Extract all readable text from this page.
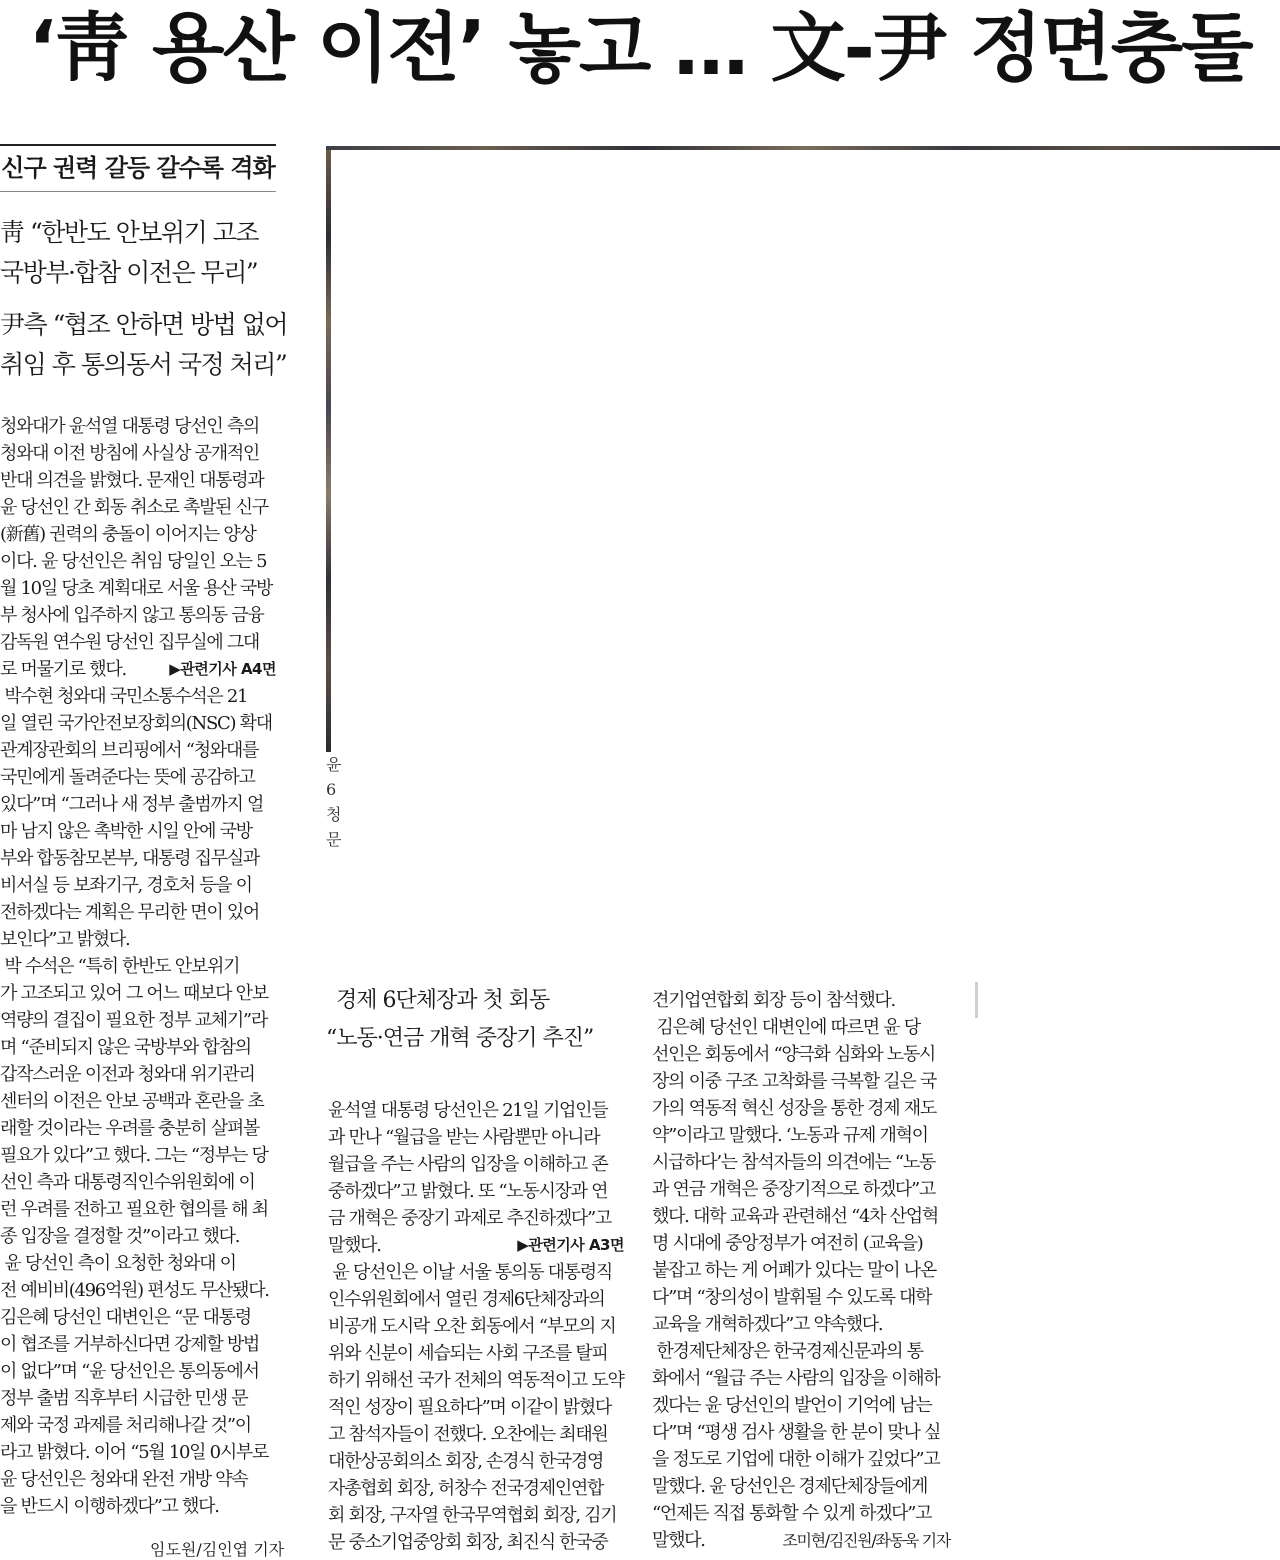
‘靑 용산 이전’ 놓고 … 文-尹 정면충돌
신구 권력 갈등 갈수록 격화
靑 “한반도 안보위기 고조
국방부·합참 이전은 무리”
尹측 “협조 안하면 방법 없어
취임 후 통의동서 국정 처리”

청와대가 윤석열 대통령 당선인 측의

청와대 이전 방침에 사실상 공개적인

반대 의견을 밝혔다. 문재인 대통령과

윤 당선인 간 회동 취소로 촉발된 신구

(新舊) 권력의 충돌이 이어지는 양상

이다. 윤 당선인은 취임 당일인 오는 5

월 10일 당초 계획대로 서울 용산 국방

부 청사에 입주하지 않고 통의동 금융

감독원 연수원 당선인 집무실에 그대

로 머물기로 했다.	▶관련기사 A4면

박수현 청와대 국민소통수석은 21

일 열린 국가안전보장회의(NSC) 확대

관계장관회의 브리핑에서 “청와대를

국민에게 돌려준다는 뜻에 공감하고

있다”며 “그러나 새 정부 출범까지 얼

마 남지 않은 촉박한 시일 안에 국방

부와 합동참모본부, 대통령 집무실과

비서실 등 보좌기구, 경호처 등을 이

전하겠다는 계획은 무리한 면이 있어

보인다”고 밝혔다.

박 수석은 “특히 한반도 안보위기

가 고조되고 있어 그 어느 때보다 안보

역량의 결집이 필요한 정부 교체기”라

며 “준비되지 않은 국방부와 합참의

갑작스러운 이전과 청와대 위기관리

센터의 이전은 안보 공백과 혼란을 초

래할 것이라는 우려를 충분히 살펴볼

필요가 있다”고 했다. 그는 “정부는 당

선인 측과 대통령직인수위원회에 이

런 우려를 전하고 필요한 협의를 해 최

종 입장을 결정할 것”이라고 했다.

윤 당선인 측이 요청한 청와대 이

전 예비비(496억원) 편성도 무산됐다.

김은혜 당선인 대변인은 “문 대통령

이 협조를 거부하신다면 강제할 방법

이 없다”며 “윤 당선인은 통의동에서

정부 출범 직후부터 시급한 민생 문

제와 국정 과제를 처리해나갈 것”이

라고 밝혔다. 이어 “5월 10일 0시부로

윤 당선인은 청와대 완전 개방 약속

을 반드시 이행하겠다”고 했다.

임도원/김인엽 기자
윤
6
청
문
경제 6단체장과 첫 회동
“노동·연금 개혁 중장기 추진”

윤석열 대통령 당선인은 21일 기업인들

과 만나 “월급을 받는 사람뿐만 아니라

월급을 주는 사람의 입장을 이해하고 존

중하겠다”고 밝혔다. 또 “노동시장과 연

금 개혁은 중장기 과제로 추진하겠다”고

말했다.	▶관련기사 A3면

윤 당선인은 이날 서울 통의동 대통령직

인수위원회에서 열린 경제6단체장과의

비공개 도시락 오찬 회동에서 “부모의 지

위와 신분이 세습되는 사회 구조를 탈피

하기 위해선 국가 전체의 역동적이고 도약

적인 성장이 필요하다”며 이같이 밝혔다

고 참석자들이 전했다. 오찬에는 최태원

대한상공회의소 회장, 손경식 한국경영

자총협회 회장, 허창수 전국경제인연합

회 회장, 구자열 한국무역협회 회장, 김기

문 중소기업중앙회 회장, 최진식 한국중

견기업연합회 회장 등이 참석했다.

김은혜 당선인 대변인에 따르면 윤 당

선인은 회동에서 “양극화 심화와 노동시

장의 이중 구조 고착화를 극복할 길은 국

가의 역동적 혁신 성장을 통한 경제 재도

약”이라고 말했다. ‘노동과 규제 개혁이

시급하다’는 참석자들의 의견에는 “노동

과 연금 개혁은 중장기적으로 하겠다”고

했다. 대학 교육과 관련해선 “4차 산업혁

명 시대에 중앙정부가 여전히 (교육을)

붙잡고 하는 게 어폐가 있다는 말이 나온

다”며 “창의성이 발휘될 수 있도록 대학

교육을 개혁하겠다”고 약속했다.

한경제단체장은 한국경제신문과의 통

화에서 “월급 주는 사람의 입장을 이해하

겠다는 윤 당선인의 발언이 기억에 남는

다”며 “평생 검사 생활을 한 분이 맞나 싶

을 정도로 기업에 대한 이해가 깊었다”고

말했다. 윤 당선인은 경제단체장들에게

“언제든 직접 통화할 수 있게 하겠다”고

말했다.	조미현/김진원/좌동욱 기자
